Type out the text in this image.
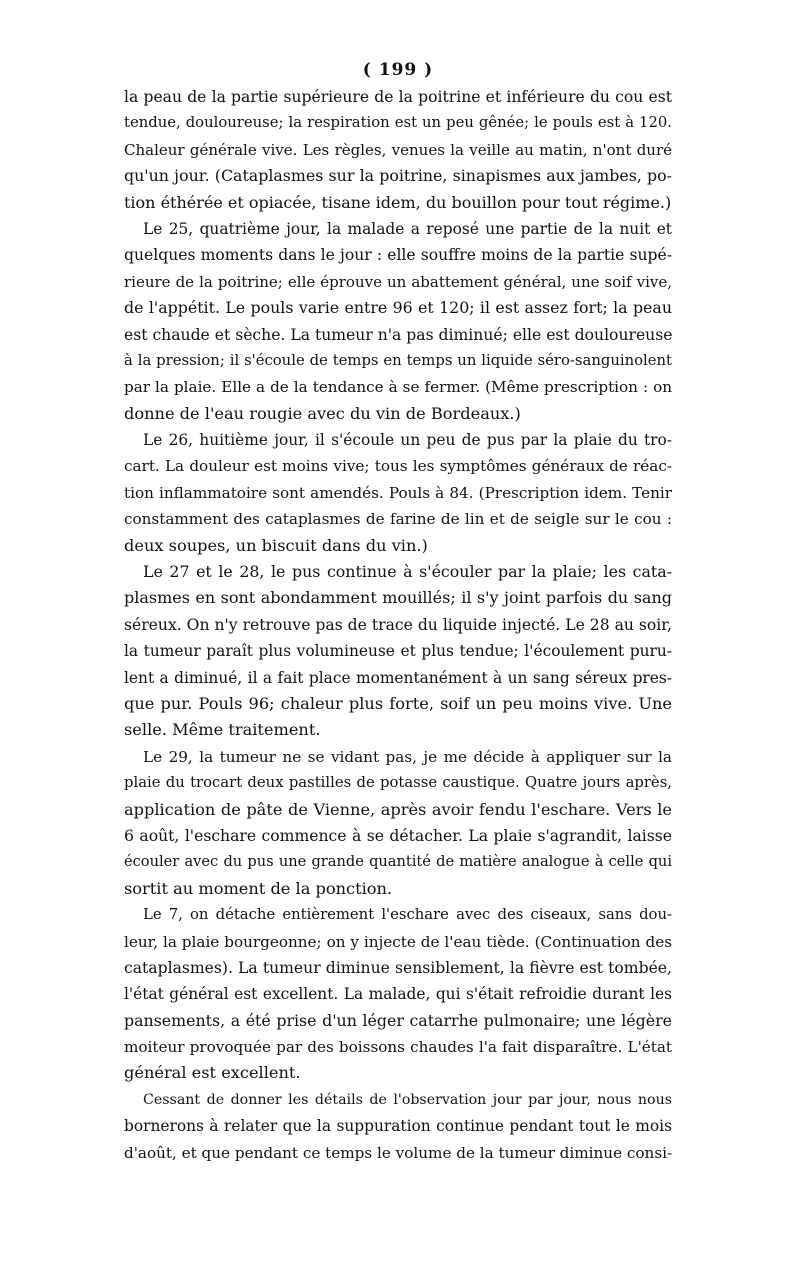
( 199 )
la peau de la partie supérieure de la poitrine et inférieure du cou est
tendue, douloureuse; la respiration est un peu gênée; le pouls est à 120.
Chaleur générale vive. Les règles, venues la veille au matin, n'ont duré
qu'un jour. (Cataplasmes sur la poitrine, sinapismes aux jambes, po-
tion éthérée et opiacée, tisane idem, du bouillon pour tout régime.)
Le 25, quatrième jour, la malade a reposé une partie de la nuit et
quelques moments dans le jour : elle souffre moins de la partie supé-
rieure de la poitrine; elle éprouve un abattement général, une soif vive,
de l'appétit. Le pouls varie entre 96 et 120; il est assez fort; la peau
est chaude et sèche. La tumeur n'a pas diminué; elle est douloureuse
à la pression; il s'écoule de temps en temps un liquide séro-sanguinolent
par la plaie. Elle a de la tendance à se fermer. (Même prescription : on
donne de l'eau rougie avec du vin de Bordeaux.)
Le 26, huitième jour, il s'écoule un peu de pus par la plaie du tro-
cart. La douleur est moins vive; tous les symptômes généraux de réac-
tion inflammatoire sont amendés. Pouls à 84. (Prescription idem. Tenir
constamment des cataplasmes de farine de lin et de seigle sur le cou :
deux soupes, un biscuit dans du vin.)
Le 27 et le 28, le pus continue à s'écouler par la plaie; les cata-
plasmes en sont abondamment mouillés; il s'y joint parfois du sang
séreux. On n'y retrouve pas de trace du liquide injecté. Le 28 au soir,
la tumeur paraît plus volumineuse et plus tendue; l'écoulement puru-
lent a diminué, il a fait place momentanément à un sang séreux pres-
que pur. Pouls 96; chaleur plus forte, soif un peu moins vive. Une
selle. Même traitement.
Le 29, la tumeur ne se vidant pas, je me décide à appliquer sur la
plaie du trocart deux pastilles de potasse caustique. Quatre jours après,
application de pâte de Vienne, après avoir fendu l'eschare. Vers le
6 août, l'eschare commence à se détacher. La plaie s'agrandit, laisse
écouler avec du pus une grande quantité de matière analogue à celle qui
sortit au moment de la ponction.
Le 7, on détache entièrement l'eschare avec des ciseaux, sans dou-
leur, la plaie bourgeonne; on y injecte de l'eau tiède. (Continuation des
cataplasmes). La tumeur diminue sensiblement, la fièvre est tombée,
l'état général est excellent. La malade, qui s'était refroidie durant les
pansements, a été prise d'un léger catarrhe pulmonaire; une légère
moiteur provoquée par des boissons chaudes l'a fait disparaître. L'état
général est excellent.
Cessant de donner les détails de l'observation jour par jour, nous nous
bornerons à relater que la suppuration continue pendant tout le mois
d'août, et que pendant ce temps le volume de la tumeur diminue consi-
